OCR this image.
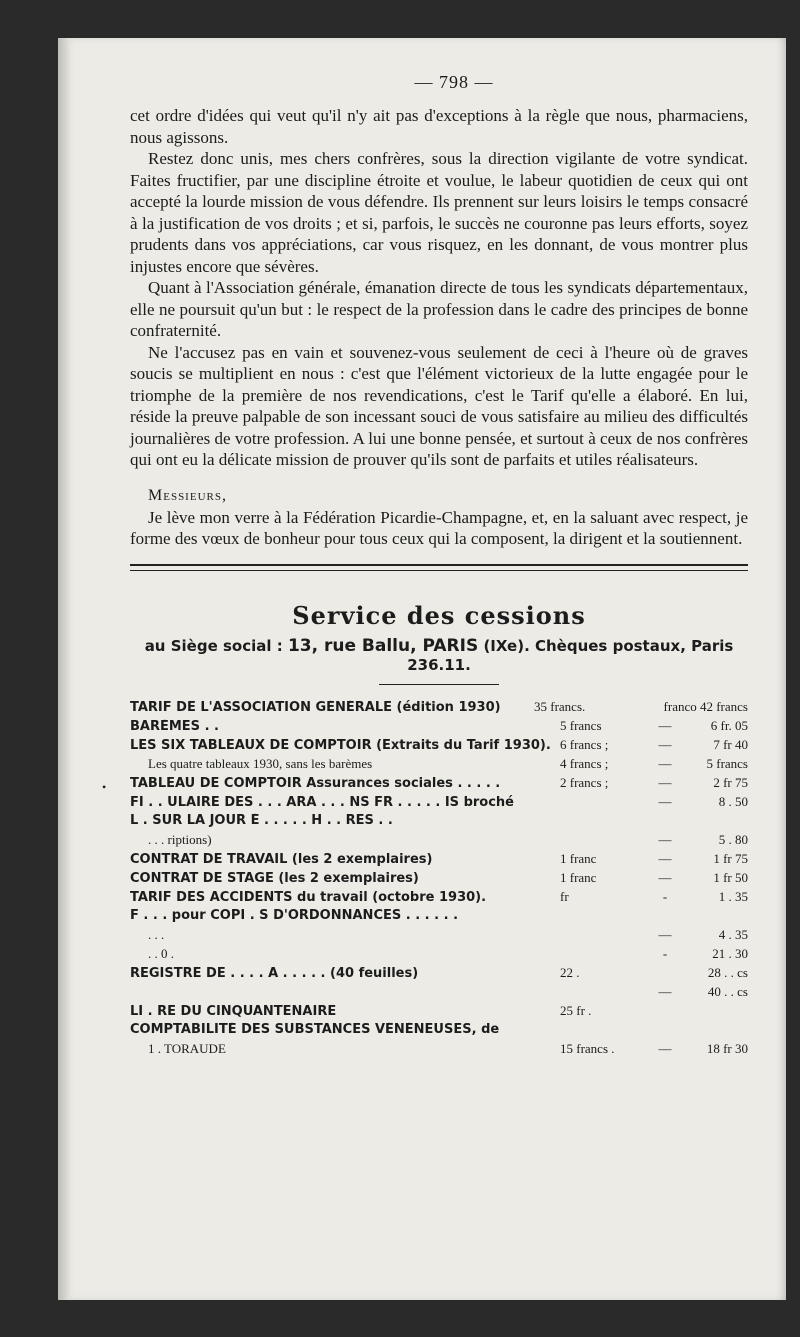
— 798 —

cet ordre d'idées qui veut qu'il n'y ait pas d'exceptions à la règle que nous, pharmaciens, nous agissons.

Restez donc unis, mes chers confrères, sous la direction vigilante de votre syndicat. Faites fructifier, par une discipline étroite et voulue, le labeur quotidien de ceux qui ont accepté la lourde mission de vous défendre. Ils prennent sur leurs loisirs le temps consacré à la justification de vos droits ; et si, parfois, le succès ne couronne pas leurs efforts, soyez prudents dans vos appréciations, car vous risquez, en les donnant, de vous montrer plus injustes encore que sévères.

Quant à l'Association générale, émanation directe de tous les syndicats départementaux, elle ne poursuit qu'un but : le respect de la profession dans le cadre des principes de bonne confraternité.

Ne l'accusez pas en vain et souvenez-vous seulement de ceci à l'heure où de graves soucis se multiplient en nous : c'est que l'élément victorieux de la lutte engagée pour le triomphe de la première de nos revendications, c'est le Tarif qu'elle a élaboré. En lui, réside la preuve palpable de son incessant souci de vous satisfaire au milieu des difficultés journalières de votre profession. A lui une bonne pensée, et surtout à ceux de nos confrères qui ont eu la délicate mission de prouver qu'ils sont de parfaits et utiles réalisateurs.

Messieurs,

Je lève mon verre à la Fédération Picardie-Champagne, et, en la saluant avec respect, je forme des vœux de bonheur pour tous ceux qui la composent, la dirigent et la soutiennent.

Service des cessions
au Siège social : 13, rue Ballu, PARIS (IXe). Chèques postaux, Paris 236.11.
TARIF DE L'ASSOCIATION GÉNÉRALE (édition 1930)	35 francs.	franco 42 francs
BARÈMES . .	5 francs	—	6 fr. 05
LES SIX TABLEAUX DE COMPTOIR (Extraits du Tarif 1930). 6 francs ;	—	7 fr 40
Les quatre tableaux 1930, sans les barèmes	4 francs ;	—	5 francs
TABLEAU DE COMPTOIR Assurances sociales . . . . .	2 francs ;	—	2 fr 75
FI . . ULAIRE DES . . . ARA . . . NS FR . . . . . IS broché	—	8 . 50
L . SUR LA JOUR É . . . . . H . . RES . .
. . . riptions)	—	5 . 80
CONTRAT DE TRAVAIL (les 2 exemplaires)	1 franc	—	1 fr 75
CONTRAT DE STAGE (les 2 exemplaires)	1 franc	—	1 fr 50
TARIF DES ACCIDENTS du travail (octobre 1930).	fr	-	1 . 35
F . . . pour COPI . S D'ORDONNANCES . . . . . .
. . .	—	4 . 35
. . 0 .	-	21 . 30
REGISTRE DE . . . . A . . . . . (40 feuilles)	22 .	28 . . cs
—	40 . . cs
LI . RE DU CINQUANTENAIRE	25 fr .
COMPTABILITÉ DES SUBSTANCES VÉNÉNEUSES, de
1 . TORAUDE	15 francs .	—	18 fr 30
•
